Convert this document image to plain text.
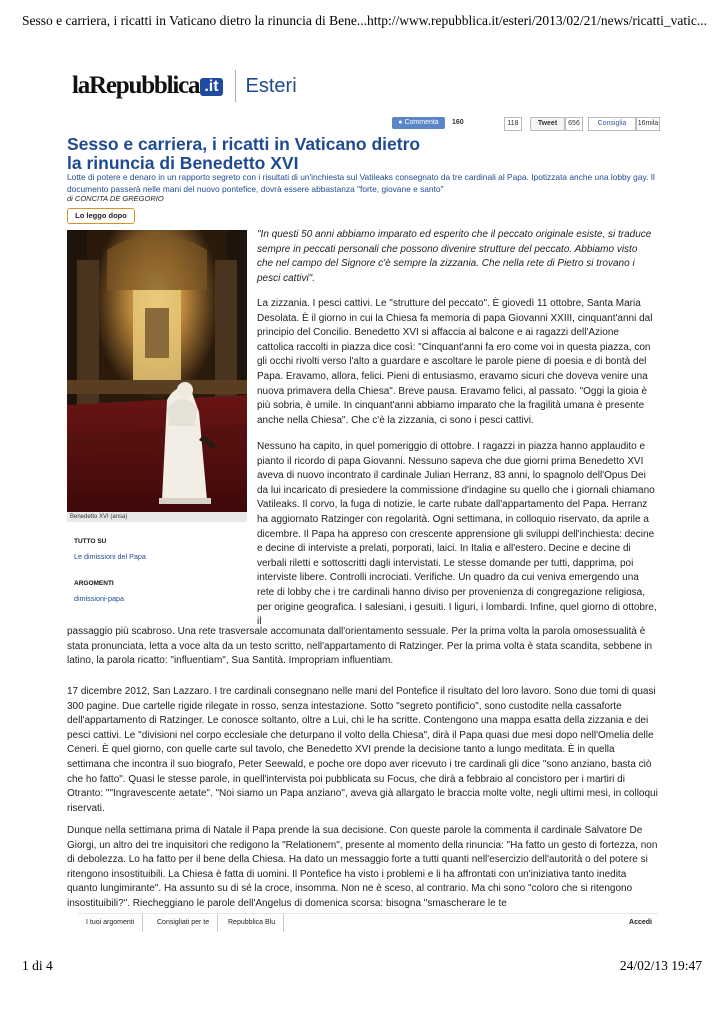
Sesso e carriera, i ricatti in Vaticano dietro la rinuncia di Bene... http://www.repubblica.it/esteri/2013/02/21/news/ricatti_vatic...
la Repubblica .it Esteri
● Commenta	160	118	Tweet	656	Consiglia	16mila
Sesso e carriera, i ricatti in Vaticano dietro la rinuncia di Benedetto XVI
Lotte di potere e denaro in un rapporto segreto con i risultati di un'inchiesta sul Vatileaks consegnato da tre cardinali al Papa. Ipotizzata anche una lobby gay. Il documento passerà nelle mani del nuovo pontefice, dovrà essere abbastanza "forte, giovane e santo"
di CONCITA DE GREGORIO
Lo leggo dopo
Benedetto XVI (ansa)
TUTTO SU
Le dimissioni del Papa
ARGOMENTI
dimissioni-papa
"In questi 50 anni abbiamo imparato ed esperito che il peccato originale esiste, si traduce sempre in peccati personali che possono divenire strutture del peccato. Abbiamo visto che nel campo del Signore c'è sempre la zizzania. Che nella rete di Pietro si trovano i pesci cattivi".
La zizzania. I pesci cattivi. Le "strutture del peccato". È giovedì 11 ottobre, Santa Maria Desolata. È il giorno in cui la Chiesa fa memoria di papa Giovanni XXIII, cinquant'anni dal principio del Concilio. Benedetto XVI si affaccia al balcone e ai ragazzi dell'Azione cattolica raccolti in piazza dice così: "Cinquant'anni fa ero come voi in questa piazza, con gli occhi rivolti verso l'alto a guardare e ascoltare le parole piene di poesia e di bontà del Papa. Eravamo, allora, felici. Pieni di entusiasmo, eravamo sicuri che doveva venire una nuova primavera della Chiesa". Breve pausa. Eravamo felici, al passato. "Oggi la gioia è più sobria, è umile. In cinquant'anni abbiamo imparato che la fragilità umana è presente anche nella Chiesa". Che c'è la zizzania, ci sono i pesci cattivi.
Nessuno ha capito, in quel pomeriggio di ottobre. I ragazzi in piazza hanno applaudito e pianto il ricordo di papa Giovanni. Nessuno sapeva che due giorni prima Benedetto XVI aveva di nuovo incontrato il cardinale Julian Herranz, 83 anni, lo spagnolo dell'Opus Dei da lui incaricato di presiedere la commissione d'indagine su quello che i giornali chiamano Vatileaks. Il corvo, la fuga di notizie, le carte rubate dall'appartamento del Papa. Herranz ha aggiornato Ratzinger con regolarità. Ogni settimana, in colloquio riservato, da aprile a dicembre. Il Papa ha appreso con crescente apprensione gli sviluppi dell'inchiesta: decine e decine di interviste a prelati, porporati, laici. In Italia e all'estero. Decine e decine di verbali riletti e sottoscritti dagli intervistati. Le stesse domande per tutti, dapprima, poi interviste libere. Controlli incrociati. Verifiche. Un quadro da cui veniva emergendo una rete di lobby che i tre cardinali hanno diviso per provenienza di congregazione religiosa, per origine geografica. I salesiani, i gesuiti. I liguri, i lombardi. Infine, quel giorno di ottobre, il
passaggio più scabroso. Una rete trasversale accomunata dall'orientamento sessuale. Per la prima volta la parola omosessualità è stata pronunciata, letta a voce alta da un testo scritto, nell'appartamento di Ratzinger. Per la prima volta è stata scandita, sebbene in latino, la parola ricatto: "influentiam", Sua Santità. Impropriam influentiam.
17 dicembre 2012, San Lazzaro. I tre cardinali consegnano nelle mani del Pontefice il risultato del loro lavoro. Sono due tomi di quasi 300 pagine. Due cartelle rigide rilegate in rosso, senza intestazione. Sotto "segreto pontificio", sono custodite nella cassaforte dell'appartamento di Ratzinger. Le conosce soltanto, oltre a Lui, chi le ha scritte. Contengono una mappa esatta della zizzania e dei pesci cattivi. Le "divisioni nel corpo ecclesiale che deturpano il volto della Chiesa", dirà il Papa quasi due mesi dopo nell'Omelia delle Ceneri. È quel giorno, con quelle carte sul tavolo, che Benedetto XVI prende la decisione tanto a lungo meditata. È in quella settimana che incontra il suo biografo, Peter Seewald, e poche ore dopo aver ricevuto i tre cardinali gli dice "sono anziano, basta ciò che ho fatto". Quasi le stesse parole, in quell'intervista poi pubblicata su Focus, che dirà a febbraio al concistoro per i martiri di Otranto: ""Ingravescente aetate". "Noi siamo un Papa anziano", aveva già allargato le braccia molte volte, negli ultimi mesi, in colloqui riservati.
Dunque nella settimana prima di Natale il Papa prende la sua decisione. Con queste parole la commenta il cardinale Salvatore De Giorgi, un altro dei tre inquisitori che redigono la "Relationem", presente al momento della rinuncia: "Ha fatto un gesto di fortezza, non di debolezza. Lo ha fatto per il bene della Chiesa. Ha dato un messaggio forte a tutti quanti nell'esercizio dell'autorità o del potere si ritengono insostituibili. La Chiesa è fatta di uomini. Il Pontefice ha visto i problemi e li ha affrontati con un'iniziativa tanto inedita quanto lungimirante". Ha assunto su di sé la croce, insomma. Non ne è sceso, al contrario. Ma chi sono "coloro che si ritengono insostituibili?". Riecheggiano le parole dell'Angelus di domenica scorsa: bisogna "smascherare le te
I tuoi argomenti	Consigliati per te	Repubblica Blu	Accedi
1 di 4	24/02/13 19:47
